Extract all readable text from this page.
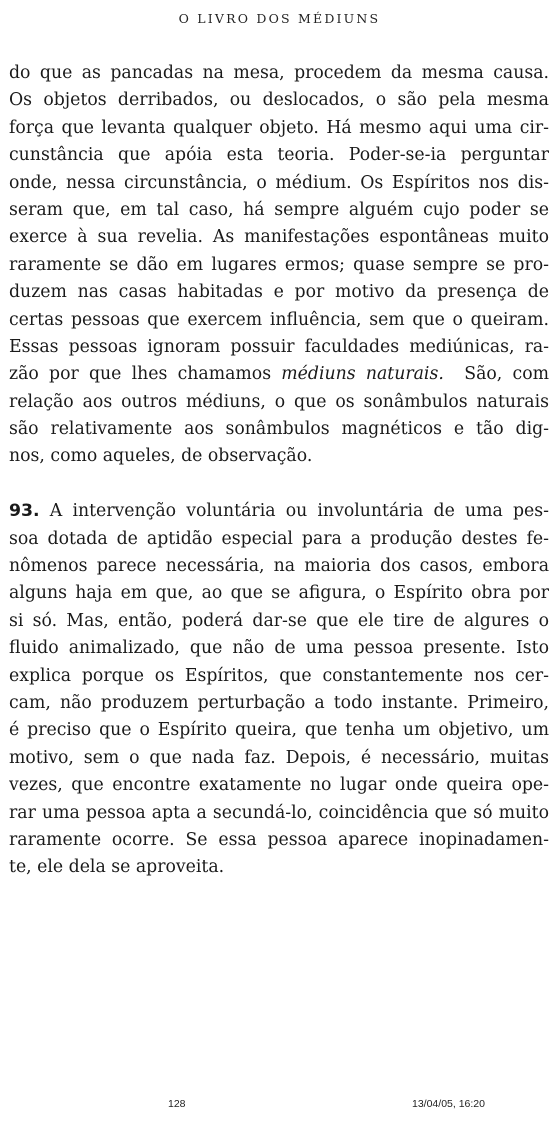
O LIVRO DOS MÉDIUNS
do que as pancadas na mesa, procedem da mesma causa.
Os objetos derribados, ou deslocados, o são pela mesma
força que levanta qualquer objeto. Há mesmo aqui uma cir-
cunstância que apóia esta teoria. Poder-se-ia perguntar
onde, nessa circunstância, o médium. Os Espíritos nos dis-
seram que, em tal caso, há sempre alguém cujo poder se
exerce à sua revelia. As manifestações espontâneas muito
raramente se dão em lugares ermos; quase sempre se pro-
duzem nas casas habitadas e por motivo da presença de
certas pessoas que exercem influência, sem que o queiram.
Essas pessoas ignoram possuir faculdades mediúnicas, ra-
zão por que lhes chamamos médiuns naturais.  São, com
relação aos outros médiuns, o que os sonâmbulos naturais
são relativamente aos sonâmbulos magnéticos e tão dig-
nos, como aqueles, de observação.
93. A intervenção voluntária ou involuntária de uma pes-
soa dotada de aptidão especial para a produção destes fe-
nômenos parece necessária, na maioria dos casos, embora
alguns haja em que, ao que se afigura, o Espírito obra por
si só. Mas, então, poderá dar-se que ele tire de algures o
fluido animalizado, que não de uma pessoa presente. Isto
explica porque os Espíritos, que constantemente nos cer-
cam, não produzem perturbação a todo instante. Primeiro,
é preciso que o Espírito queira, que tenha um objetivo, um
motivo, sem o que nada faz. Depois, é necessário, muitas
vezes, que encontre exatamente no lugar onde queira ope-
rar uma pessoa apta a secundá-lo, coincidência que só muito
raramente ocorre. Se essa pessoa aparece inopinadamen-
te, ele dela se aproveita.
128	13/04/05, 16:20
